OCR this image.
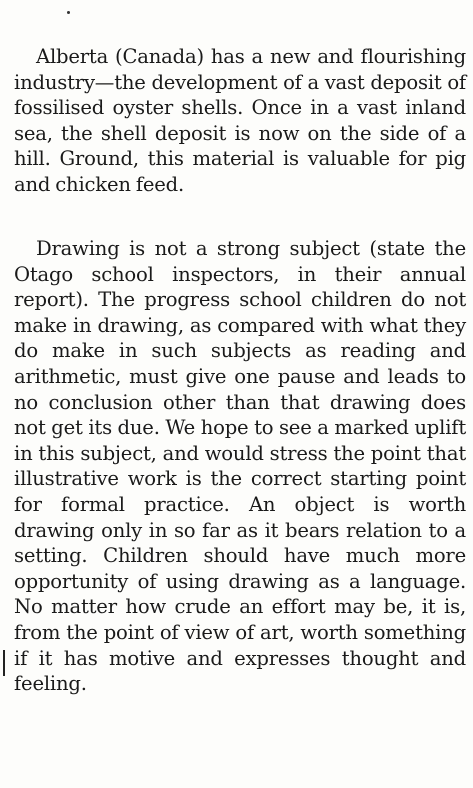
Alberta (Canada) has a new and flourishing industry—the development of a vast deposit of fossilised oyster shells. Once in a vast inland sea, the shell deposit is now on the side of a hill. Ground, this material is valuable for pig and chicken feed.

Drawing is not a strong subject (state the Otago school inspectors, in their annual report). The progress school children do not make in drawing, as compared with what they do make in such subjects as reading and arithmetic, must give one pause and leads to no conclusion other than that drawing does not get its due. We hope to see a marked uplift in this subject, and would stress the point that illustrative work is the correct starting point for formal practice. An object is worth drawing only in so far as it bears relation to a setting. Children should have much more opportunity of using drawing as a language. No matter how crude an effort may be, it is, from the point of view of art, worth something if it has motive and expresses thought and feeling.
